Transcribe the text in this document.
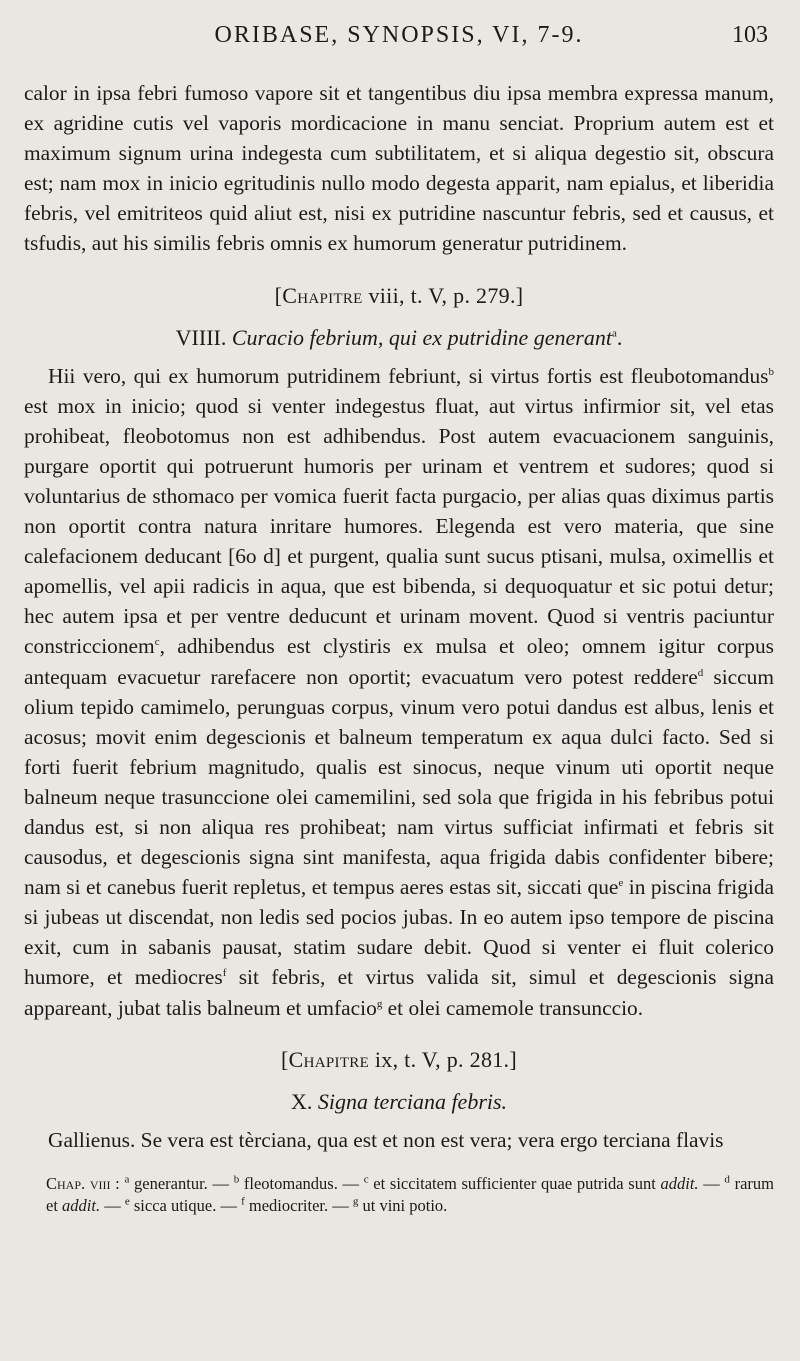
ORIBASE, SYNOPSIS, VI, 7-9.	103

calor in ipsa febri fumoso vapore sit et tangentibus diu ipsa membra expressa manum, ex agridine cutis vel vaporis mordicacione in manu senciat. Proprium autem est et maximum signum urina indegesta cum subtilitatem, et si aliqua degestio sit, obscura est; nam mox in inicio egritudinis nullo modo degesta apparit, nam epialus, et liberidia febris, vel emitriteos quid aliut est, nisi ex putridine nascuntur febris, sed et causus, et tsfudis, aut his similis febris omnis ex humorum generatur putridinem.

[Chapitre viii, t. V, p. 279.]
VIIII. Curacio febrium, qui ex putridine generant$^a$.

Hii vero, qui ex humorum putridinem febriunt, si virtus fortis est fleubotomandus$^b$ est mox in inicio; quod si venter indegestus fluat, aut virtus infirmior sit, vel etas prohibeat, fleobotomus non est adhibendus. Post autem evacuacionem sanguinis, purgare oportit qui potruerunt humoris per urinam et ventrem et sudores; quod si voluntarius de sthomaco per vomica fuerit facta purgacio, per alias quas diximus partis non oportit contra natura inritare humores. Elegenda est vero materia, que sine calefacionem deducant [6o d] et purgent, qualia sunt sucus ptisani, mulsa, oximellis et apomellis, vel apii radicis in aqua, que est bibenda, si dequoquatur et sic potui detur; hec autem ipsa et per ventre deducunt et urinam movent. Quod si ventris paciuntur constriccionem$^c$, adhibendus est clystiris ex mulsa et oleo; omnem igitur corpus antequam evacuetur rarefacere non oportit; evacuatum vero potest reddere$^d$ siccum olium tepido camimelo, perunguas corpus, vinum vero potui dandus est albus, lenis et acosus; movit enim degescionis et balneum temperatum ex aqua dulci facto. Sed si forti fuerit febrium magnitudo, qualis est sinocus, neque vinum uti oportit neque balneum neque trasunccione olei camemilini, sed sola que frigida in his febribus potui dandus est, si non aliqua res prohibeat; nam virtus sufficiat infirmati et febris sit causodus, et degescionis signa sint manifesta, aqua frigida dabis confidenter bibere; nam si et canebus fuerit repletus, et tempus aeres estas sit, siccati que$^e$ in piscina frigida si jubeas ut discendat, non ledis sed pocios jubas. In eo autem ipso tempore de piscina exit, cum in sabanis pausat, statim sudare debit. Quod si venter ei fluit colerico humore, et mediocres$^f$ sit febris, et virtus valida sit, simul et degescionis signa appareant, jubat talis balneum et umfacio$^g$ et olei camemole transunccio.

[Chapitre ix, t. V, p. 281.]
X. Signa terciana febris.

Gallienus. Se vera est tèrciana, qua est et non est vera; vera ergo terciana flavis

Chap. viii : $^a$ generantur. — $^b$ fleotomandus. — $^c$ et siccitatem sufficienter quae putrida sunt addit. — $^d$ rarum et addit. — $^e$ sicca utique. — $^f$ mediocriter. — $^g$ ut vini potio.
